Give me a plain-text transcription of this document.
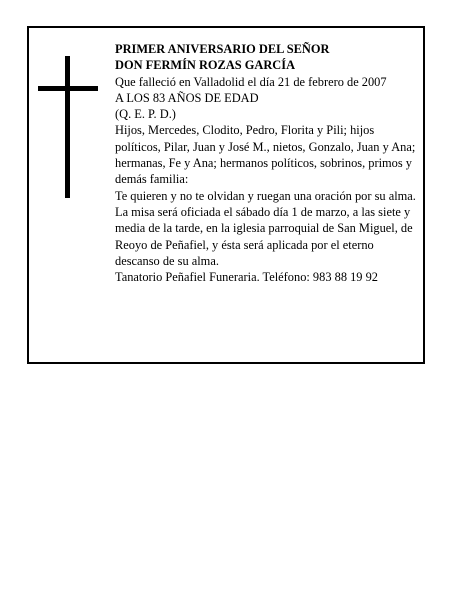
PRIMER ANIVERSARIO DEL SEÑOR

DON FERMÍN ROZAS GARCÍA

Que falleció en Valladolid el día 21 de febrero de 2007

A LOS 83 AÑOS DE EDAD

(Q. E. P. D.)

Hijos, Mercedes, Clodito, Pedro, Florita y Pili; hijos políticos, Pilar, Juan y José M., nietos, Gonzalo, Juan y Ana; hermanas, Fe y Ana; hermanos políticos, sobrinos, primos y demás familia:

Te quieren y no te olvidan y ruegan una oración por su alma.

La misa será oficiada el sábado día 1 de marzo, a las siete y media de la tarde, en la iglesia parroquial de San Miguel, de Reoyo de Peñafiel, y ésta será aplicada por el eterno descanso de su alma.

Tanatorio Peñafiel Funeraria. Teléfono: 983 88 19 92
